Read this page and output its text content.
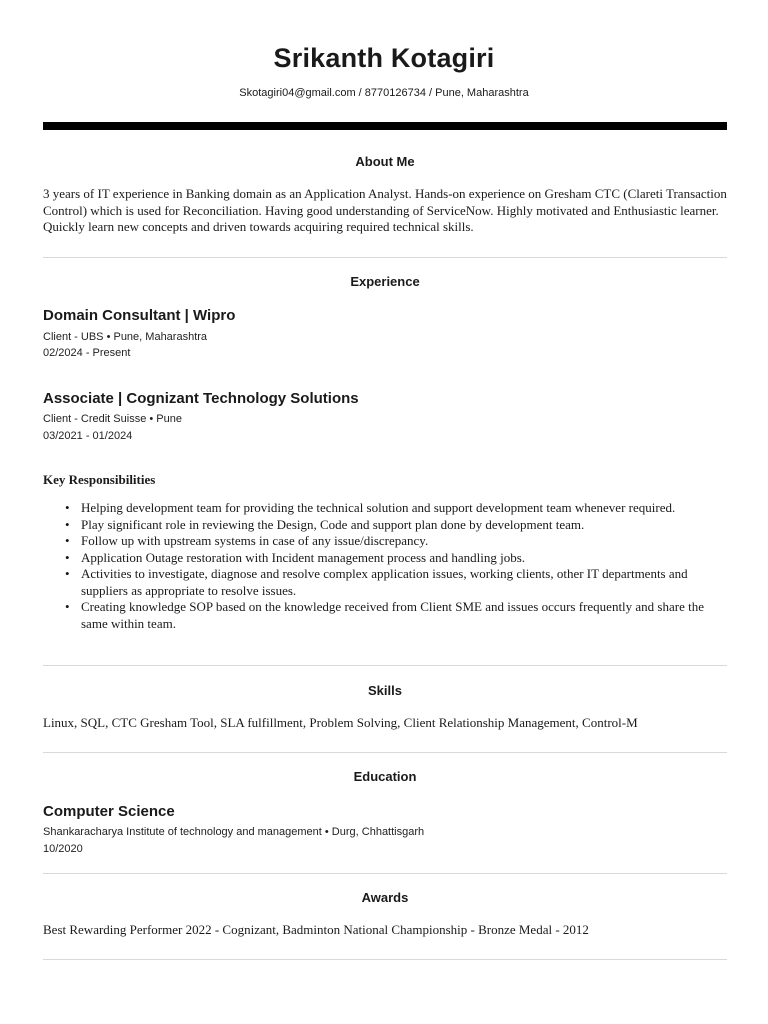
Srikanth Kotagiri
Skotagiri04@gmail.com / 8770126734 / Pune, Maharashtra
About Me
3 years of IT experience in Banking domain as an Application Analyst. Hands-on experience on Gresham CTC (Clareti Transaction Control) which is used for Reconciliation. Having good understanding of ServiceNow. Highly motivated and Enthusiastic learner. Quickly learn new concepts and driven towards acquiring required technical skills.
Experience
Domain Consultant | Wipro
Client - UBS • Pune, Maharashtra
02/2024 - Present
Associate | Cognizant Technology Solutions
Client - Credit Suisse • Pune
03/2021 - 01/2024
Key Responsibilities
• Helping development team for providing the technical solution and support development team whenever required.
• Play significant role in reviewing the Design, Code and support plan done by development team.
• Follow up with upstream systems in case of any issue/discrepancy.
• Application Outage restoration with Incident management process and handling jobs.
• Activities to investigate, diagnose and resolve complex application issues, working clients, other IT departments and suppliers as appropriate to resolve issues.
• Creating knowledge SOP based on the knowledge received from Client SME and issues occurs frequently and share the same within team.
Skills
Linux, SQL, CTC Gresham Tool, SLA fulfillment, Problem Solving, Client Relationship Management, Control-M
Education
Computer Science
Shankaracharya Institute of technology and management • Durg, Chhattisgarh
10/2020
Awards
Best Rewarding Performer 2022 - Cognizant, Badminton National Championship - Bronze Medal - 2012
